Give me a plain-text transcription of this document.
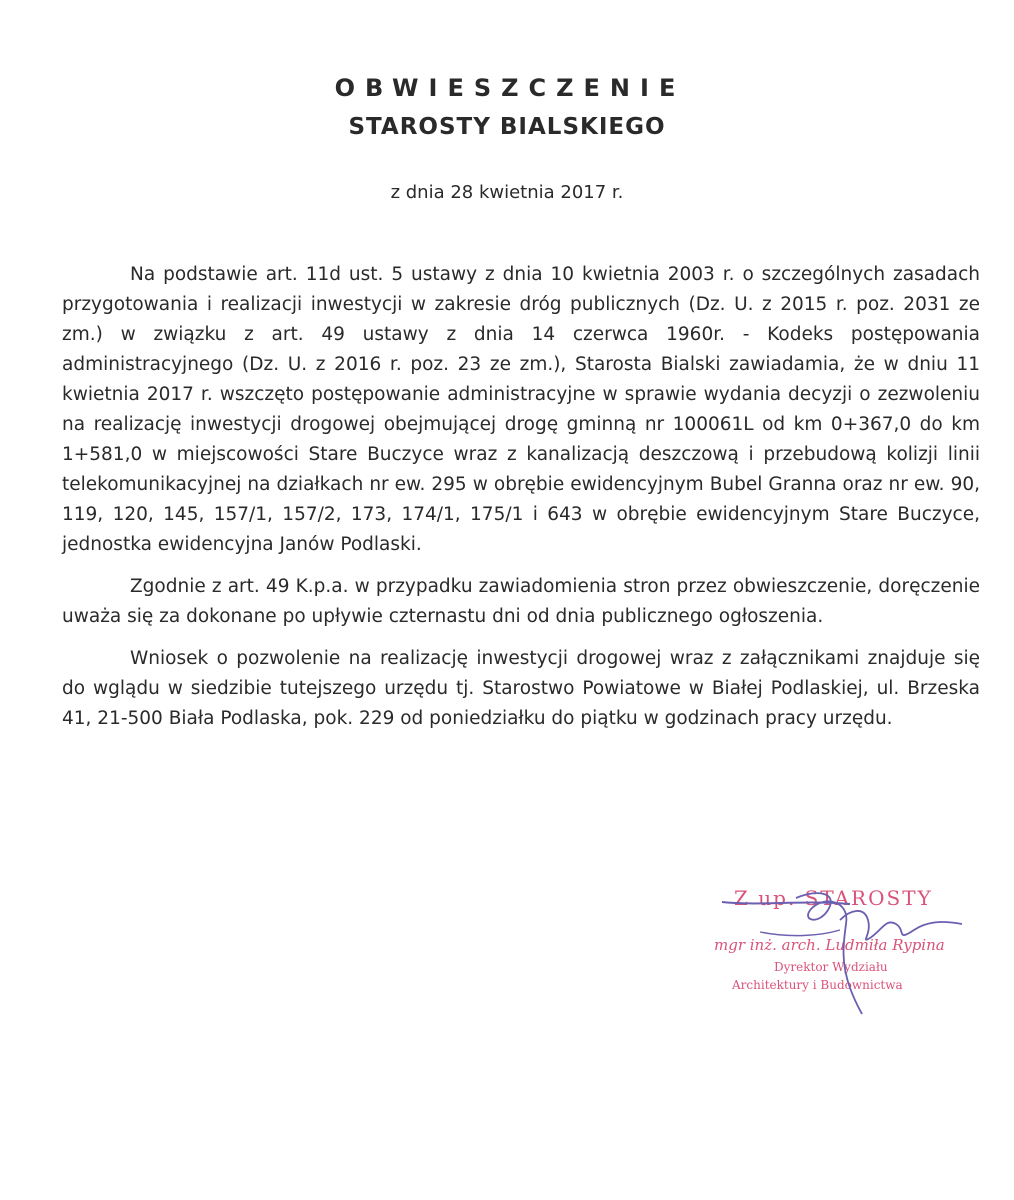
OBWIESZCZENIE
STAROSTY BIALSKIEGO
z dnia 28 kwietnia 2017 r.

Na podstawie art. 11d ust. 5 ustawy z dnia 10 kwietnia 2003 r. o szczególnych zasadach przygotowania i realizacji inwestycji w zakresie dróg publicznych (Dz. U. z 2015 r. poz. 2031 ze zm.) w związku z art. 49 ustawy z dnia 14 czerwca 1960r. - Kodeks postępowania administracyjnego (Dz. U. z 2016 r. poz. 23 ze zm.), Starosta Bialski zawiadamia, że w dniu 11 kwietnia 2017 r. wszczęto postępowanie administracyjne w sprawie wydania decyzji o zezwoleniu na realizację inwestycji drogowej obejmującej drogę gminną nr 100061L od km 0+367,0 do km 1+581,0 w miejscowości Stare Buczyce wraz z kanalizacją deszczową i przebudową kolizji linii telekomunikacyjnej na działkach nr ew. 295 w obrębie ewidencyjnym Bubel Granna oraz nr ew. 90, 119, 120, 145, 157/1, 157/2, 173, 174/1, 175/1 i 643 w obrębie ewidencyjnym Stare Buczyce, jednostka ewidencyjna Janów Podlaski.

Zgodnie z art. 49 K.p.a. w przypadku zawiadomienia stron przez obwieszczenie, doręczenie uważa się za dokonane po upływie czternastu dni od dnia publicznego ogłoszenia.

Wniosek o pozwolenie na realizację inwestycji drogowej wraz z załącznikami znajduje się do wglądu w siedzibie tutejszego urzędu tj. Starostwo Powiatowe w Białej Podlaskiej, ul. Brzeska 41, 21-500 Biała Podlaska, pok. 229 od poniedziałku do piątku w godzinach pracy urzędu.

Z up. STAROSTY
mgr inż. arch. Ludmiła Rypina
Dyrektor Wydziału
Architektury i Budownictwa
